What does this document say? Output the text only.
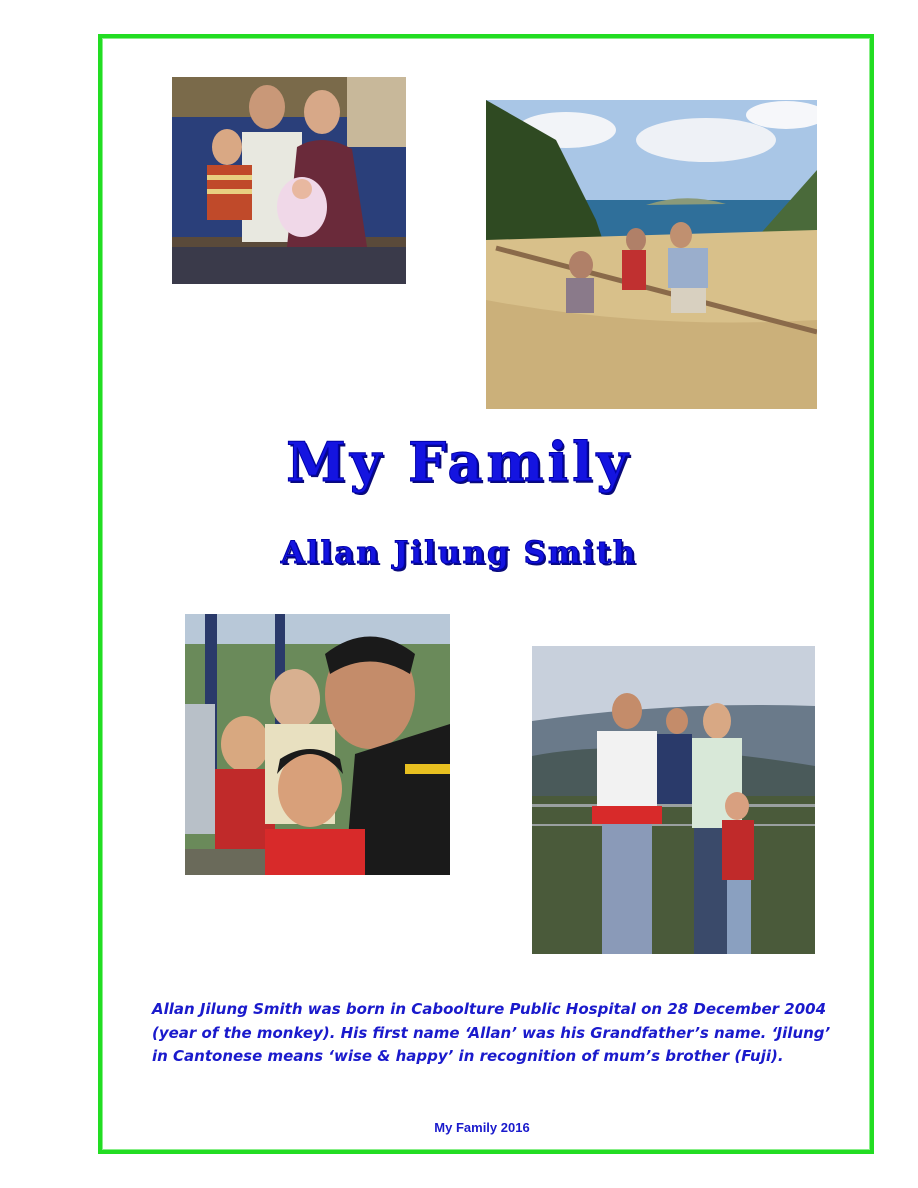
My Family
Allan Jilung Smith
Allan Jilung Smith was born in Caboolture Public Hospital on 28 December 2004
(year of the monkey). His first name ‘Allan’ was his Grandfather’s name. ‘Jilung’
in Cantonese means ‘wise & happy’ in recognition of mum’s brother (Fuji).
My Family 2016
